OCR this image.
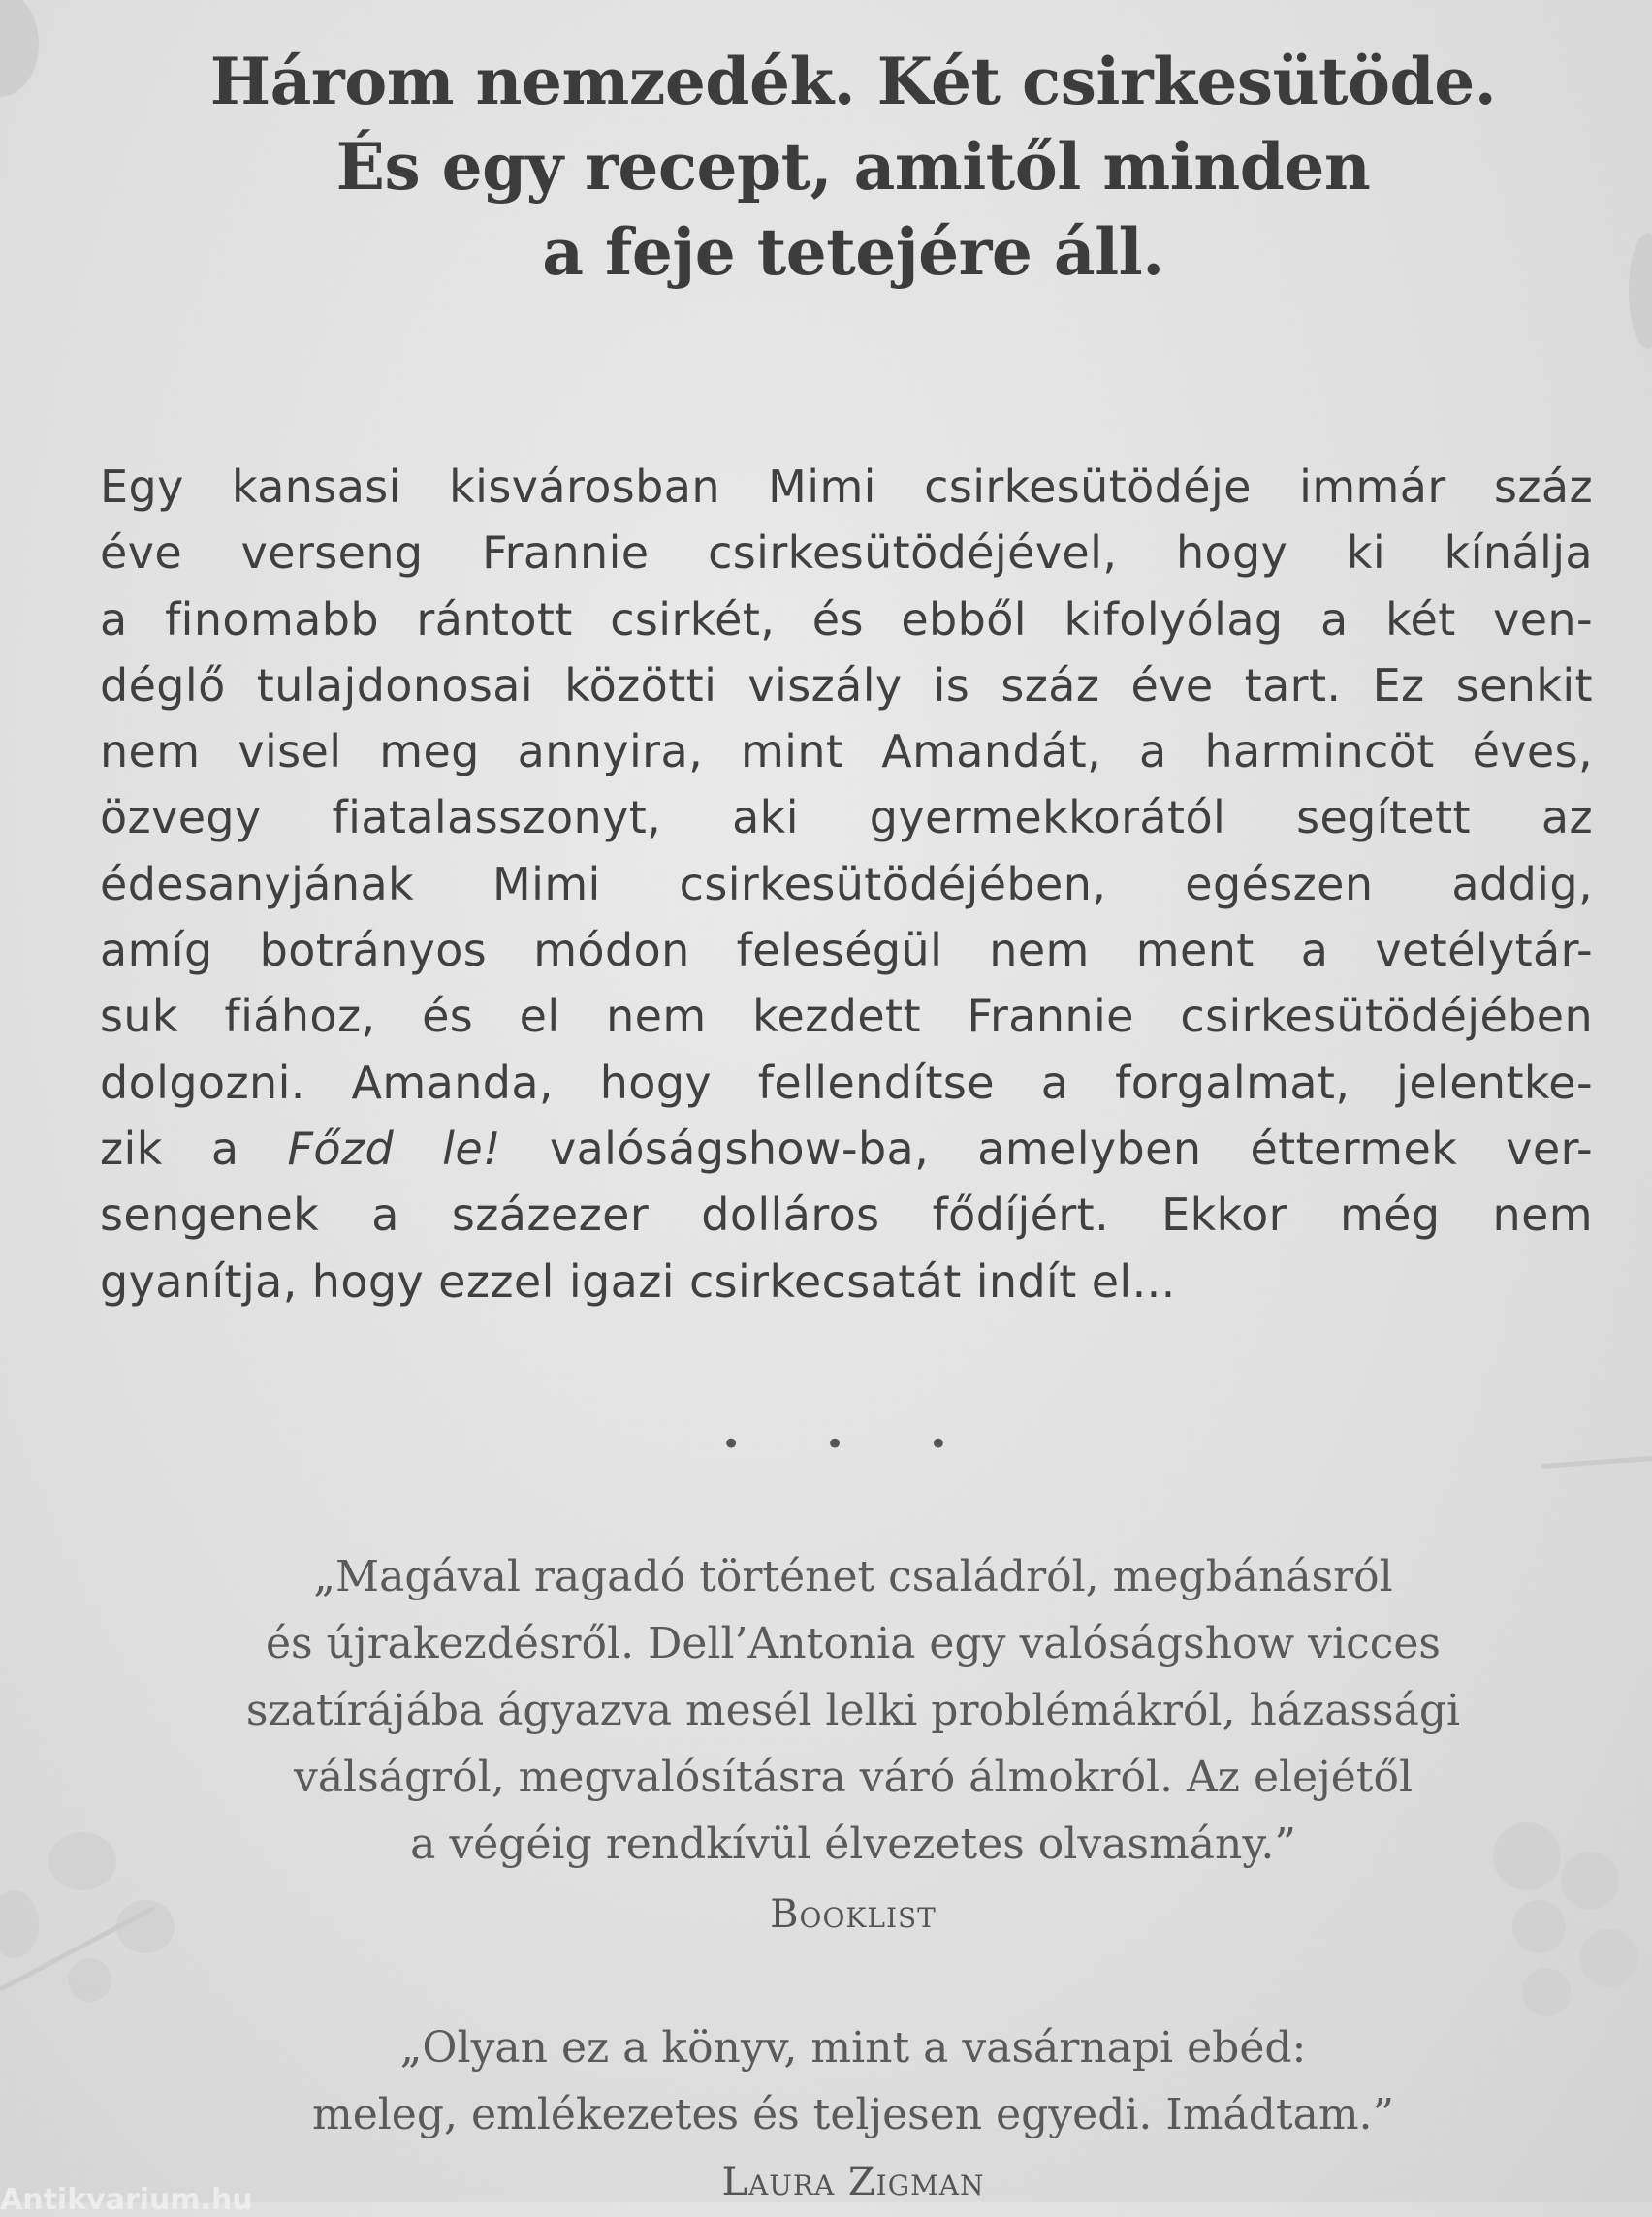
Három nemzedék. Két csirkesütöde.
És egy recept, amitől minden
a feje tetejére áll.
Egy kansasi kisvárosban Mimi csirkesütödéje immár száz
éve verseng Frannie csirkesütödéjével, hogy ki kínálja
a finomabb rántott csirkét, és ebből kifolyólag a két ven-
déglő tulajdonosai közötti viszály is száz éve tart. Ez senkit
nem visel meg annyira, mint Amandát, a harmincöt éves,
özvegy fiatalasszonyt, aki gyermekkorától segített az
édesanyjának Mimi csirkesütödéjében, egészen addig,
amíg botrányos módon feleségül nem ment a vetélytár-
suk fiához, és el nem kezdett Frannie csirkesütödéjében
dolgozni. Amanda, hogy fellendítse a forgalmat, jelentke-
zik a Főzd le! valóságshow-ba, amelyben éttermek ver-
sengenek a százezer dolláros fődíjért. Ekkor még nem
gyanítja, hogy ezzel igazi csirkecsatát indít el...
• • •
„Magával ragadó történet családról, megbánásról
és újrakezdésről. Dell’Antonia egy valóságshow vicces
szatírájába ágyazva mesél lelki problémákról, házassági
válságról, megvalósításra váró álmokról. Az elejétől
a végéig rendkívül élvezetes olvasmány.”
Booklist
„Olyan ez a könyv, mint a vasárnapi ebéd:
meleg, emlékezetes és teljesen egyedi. Imádtam.”
Laura Zigman
Antikvarium.hu
